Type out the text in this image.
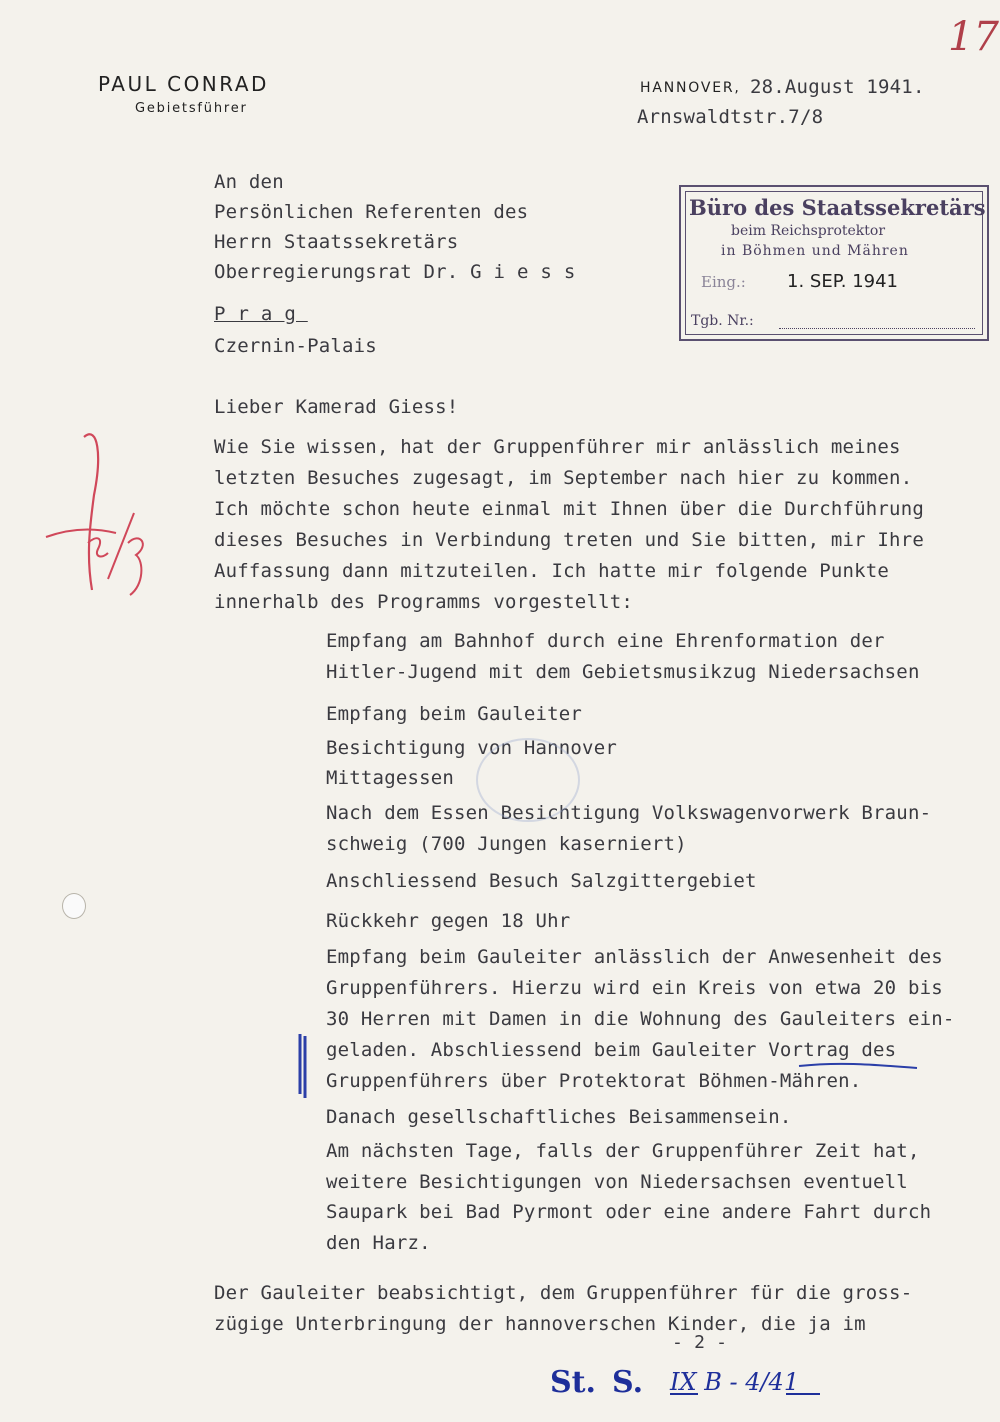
17
PAUL CONRAD
Gebietsführer
HANNOVER, 28.August 1941.
Arnswaldtstr.7/8
An den
Persönlichen Referenten des
Herrn Staatssekretärs
Oberregierungsrat Dr. Giess
Prag
Czernin-Palais
Büro des Staatssekretärs
beim Reichsprotektor
in Böhmen und Mähren
Eing.: 1. SEP. 1941
Tgb. Nr.:
Lieber Kamerad Giess!
Wie Sie wissen, hat der Gruppenführer mir anlässlich meines
letzten Besuches zugesagt, im September nach hier zu kommen.
Ich möchte schon heute einmal mit Ihnen über die Durchführung
dieses Besuches in Verbindung treten und Sie bitten, mir Ihre
Auffassung dann mitzuteilen. Ich hatte mir folgende Punkte
innerhalb des Programms vorgestellt:
Empfang am Bahnhof durch eine Ehrenformation der
Hitler-Jugend mit dem Gebietsmusikzug Niedersachsen
Empfang beim Gauleiter
Besichtigung von Hannover
Mittagessen
Nach dem Essen Besichtigung Volkswagenvorwerk Braun-
schweig (700 Jungen kaserniert)
Anschliessend Besuch Salzgittergebiet
Rückkehr gegen 18 Uhr
Empfang beim Gauleiter anlässlich der Anwesenheit des
Gruppenführers. Hierzu wird ein Kreis von etwa 20 bis
30 Herren mit Damen in die Wohnung des Gauleiters ein-
geladen. Abschliessend beim Gauleiter Vortrag des
Gruppenführers über Protektorat Böhmen-Mähren.
Danach gesellschaftliches Beisammensein.
Am nächsten Tage, falls der Gruppenführer Zeit hat,
weitere Besichtigungen von Niedersachsen eventuell
Saupark bei Bad Pyrmont oder eine andere Fahrt durch
den Harz.
Der Gauleiter beabsichtigt, dem Gruppenführer für die gross-
zügige Unterbringung der hannoverschen Kinder, die ja im
- 2 -
St. S. IX B - 4/41
